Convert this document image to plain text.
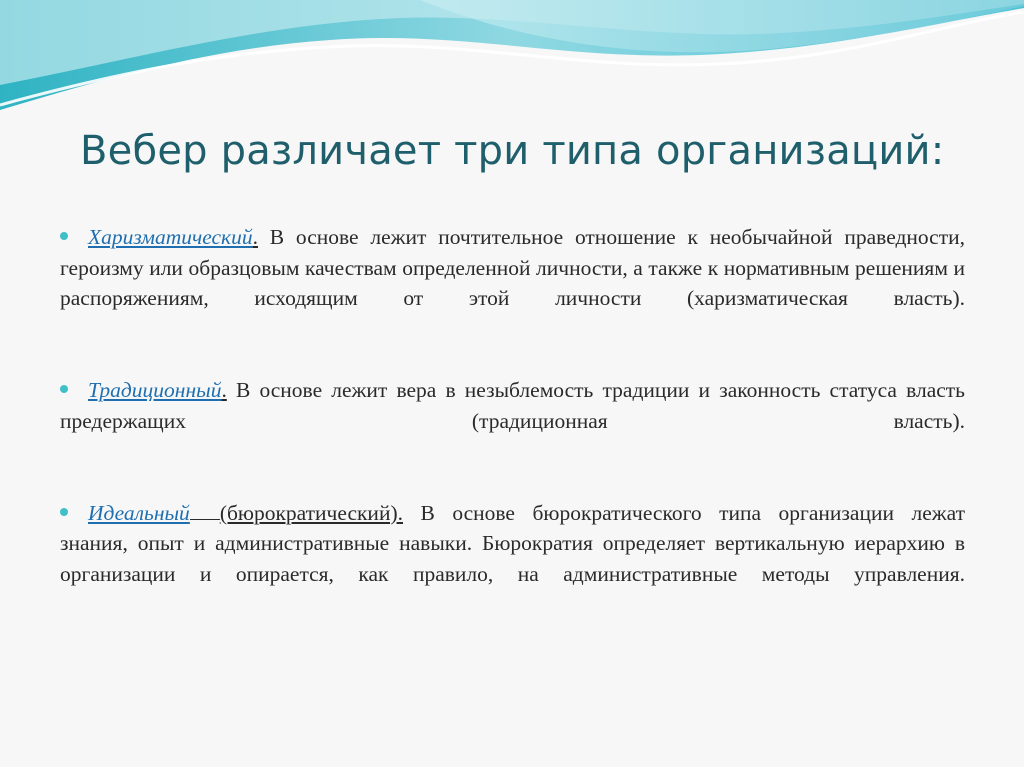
Вебер различает три типа организаций:
Харизматический. В основе лежит почтительное отношение к необычайной праведности, героизму или образцовым качествам определенной личности, а также к нормативным решениям и распоряжениям, исходящим от этой личности (харизматическая власть).
Традиционный. В основе лежит вера в незыблемость традиции и законность статуса власть предержащих (традиционная власть).
Идеальный (бюрократический). В основе бюрократического типа организации лежат знания, опыт и административные навыки. Бюрократия определяет вертикальную иерархию в организации и опирается, как правило, на административные методы управления.
